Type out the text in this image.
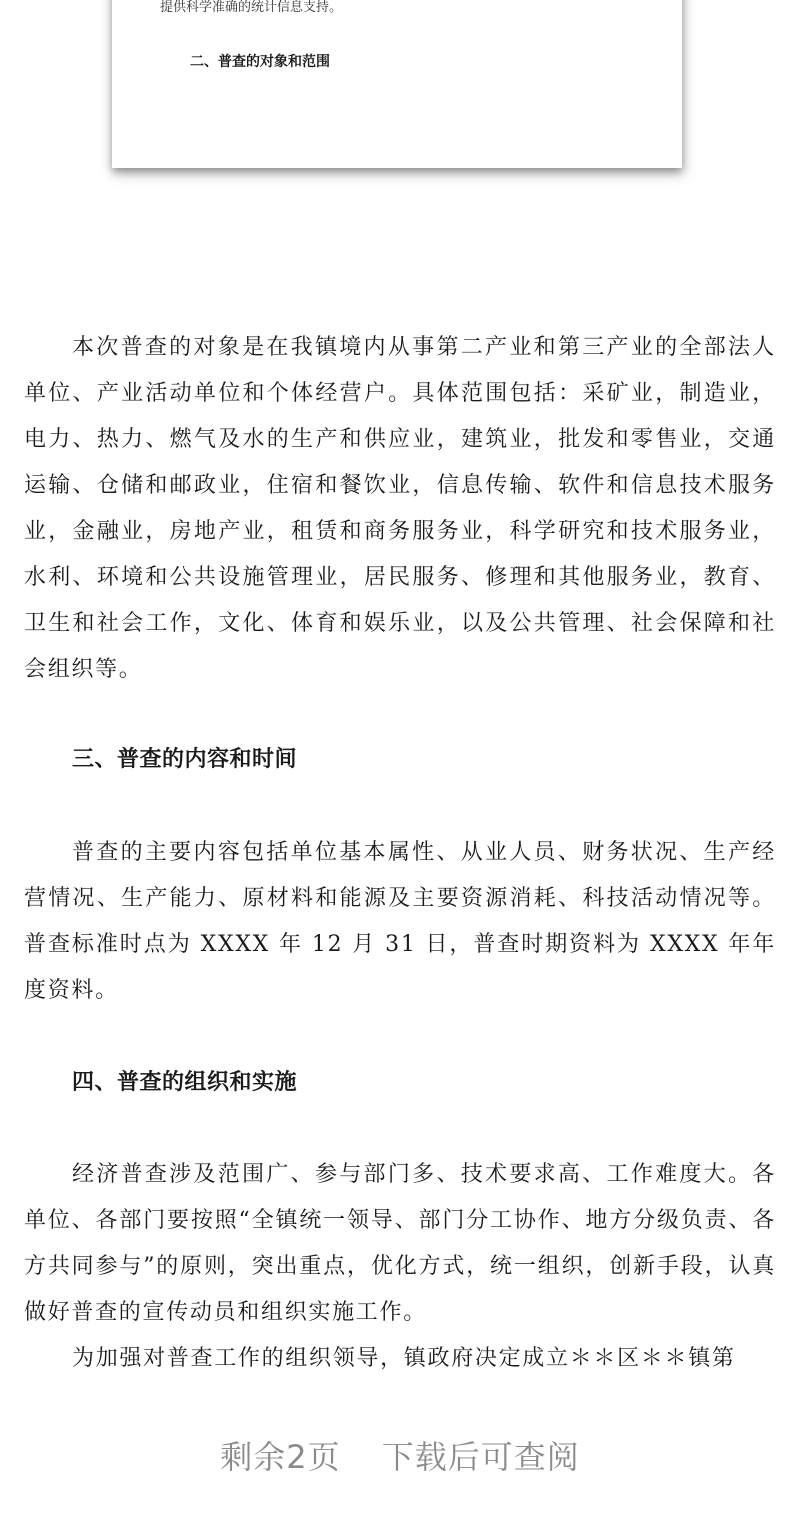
提供科学准确的统计信息支持。
二、普查的对象和范围

本次普查的对象是在我镇境内从事第二产业和第三产业的全部法人单位、产业活动单位和个体经营户。具体范围包括：采矿业，制造业，电力、热力、燃气及水的生产和供应业，建筑业，批发和零售业，交通运输、仓储和邮政业，住宿和餐饮业，信息传输、软件和信息技术服务业，金融业，房地产业，租赁和商务服务业，科学研究和技术服务业，水利、环境和公共设施管理业，居民服务、修理和其他服务业，教育、卫生和社会工作，文化、体育和娱乐业，以及公共管理、社会保障和社会组织等。

三、普查的内容和时间

普查的主要内容包括单位基本属性、从业人员、财务状况、生产经营情况、生产能力、原材料和能源及主要资源消耗、科技活动情况等。普查标准时点为 XXXX 年 12 月 31 日，普查时期资料为 XXXX 年年度资料。

四、普查的组织和实施

经济普查涉及范围广、参与部门多、技术要求高、工作难度大。各单位、各部门要按照“全镇统一领导、部门分工协作、地方分级负责、各方共同参与”的原则，突出重点，优化方式，统一组织，创新手段，认真做好普查的宣传动员和组织实施工作。

为加强对普查工作的组织领导，镇政府决定成立＊＊区＊＊镇第

剩余2页 下载后可查阅
